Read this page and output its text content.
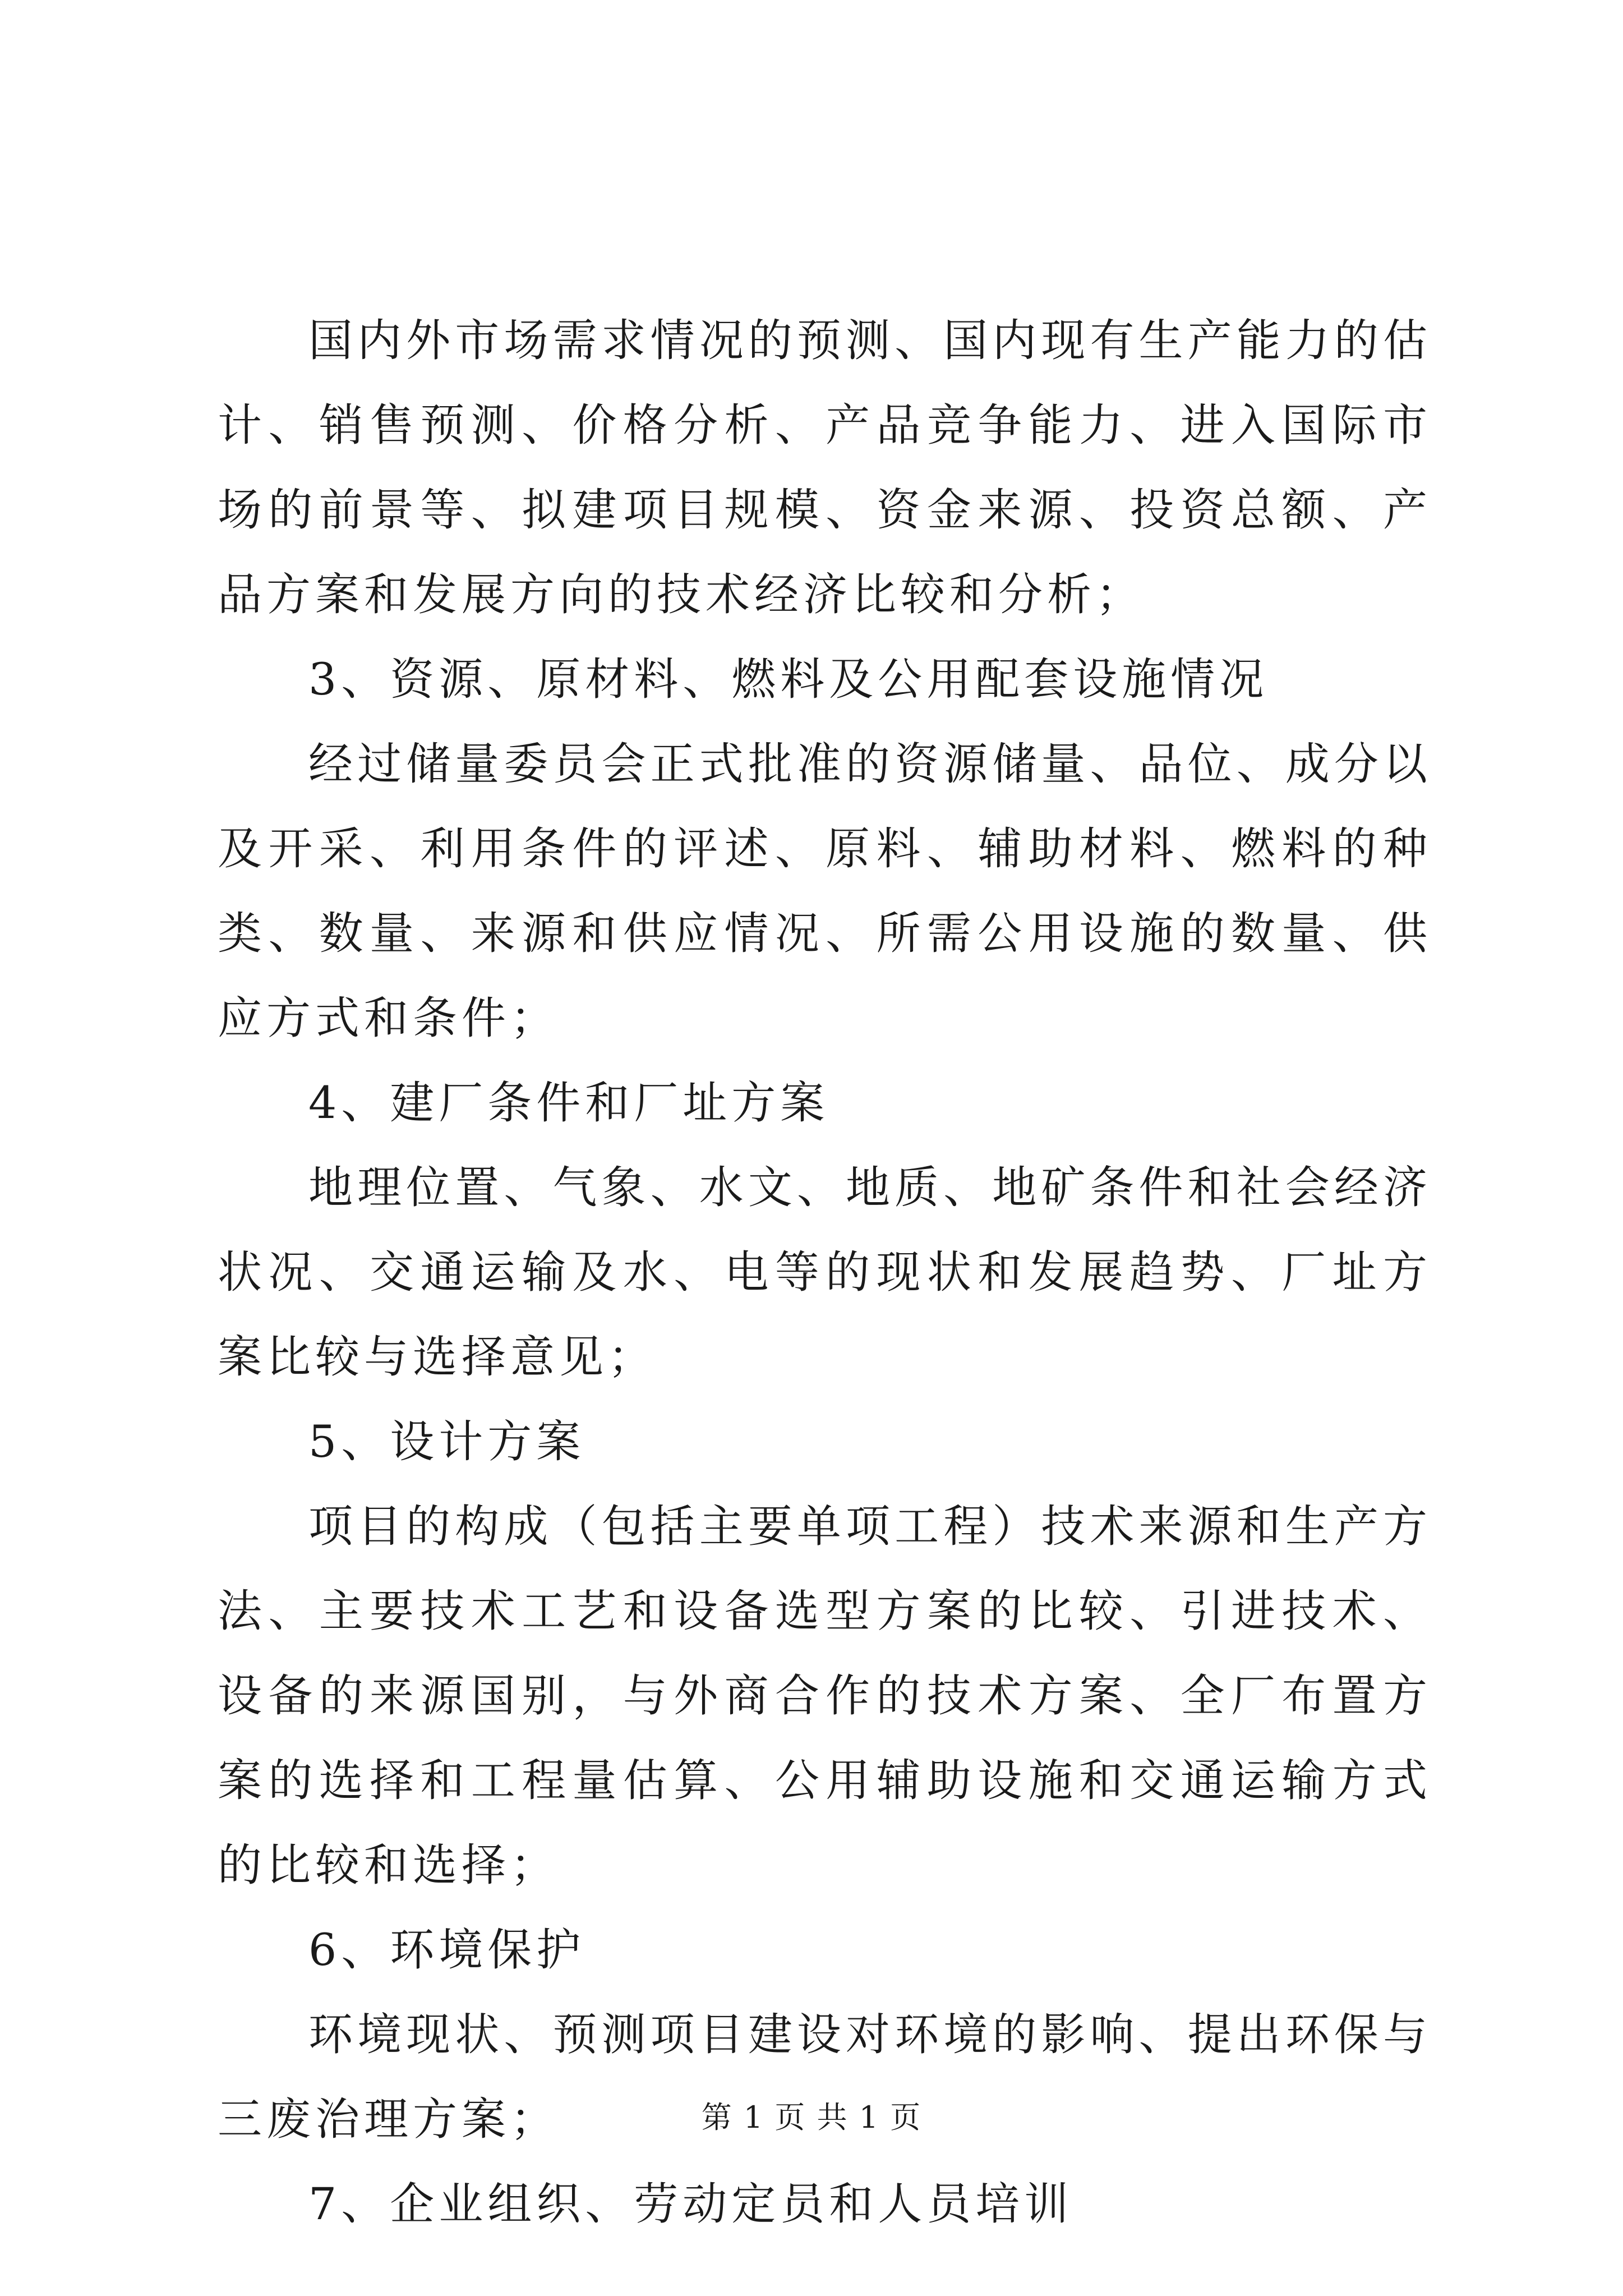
国内外市场需求情况的预测、国内现有生产能力的估计、销售预测、价格分析、产品竞争能力、进入国际市场的前景等、拟建项目规模、资金来源、投资总额、产品方案和发展方向的技术经济比较和分析；

3、资源、原材料、燃料及公用配套设施情况

经过储量委员会正式批准的资源储量、品位、成分以及开采、利用条件的评述、原料、辅助材料、燃料的种类、数量、来源和供应情况、所需公用设施的数量、供应方式和条件；

4、建厂条件和厂址方案

地理位置、气象、水文、地质、地矿条件和社会经济状况、交通运输及水、电等的现状和发展趋势、厂址方案比较与选择意见；

5、设计方案

项目的构成（包括主要单项工程）技术来源和生产方法、主要技术工艺和设备选型方案的比较、引进技术、设备的来源国别，与外商合作的技术方案、全厂布置方案的选择和工程量估算、公用辅助设施和交通运输方式的比较和选择；

6、环境保护

环境现状、预测项目建设对环境的影响、提出环保与三废治理方案；

7、企业组织、劳动定员和人员培训

第 1 页 共 1 页
